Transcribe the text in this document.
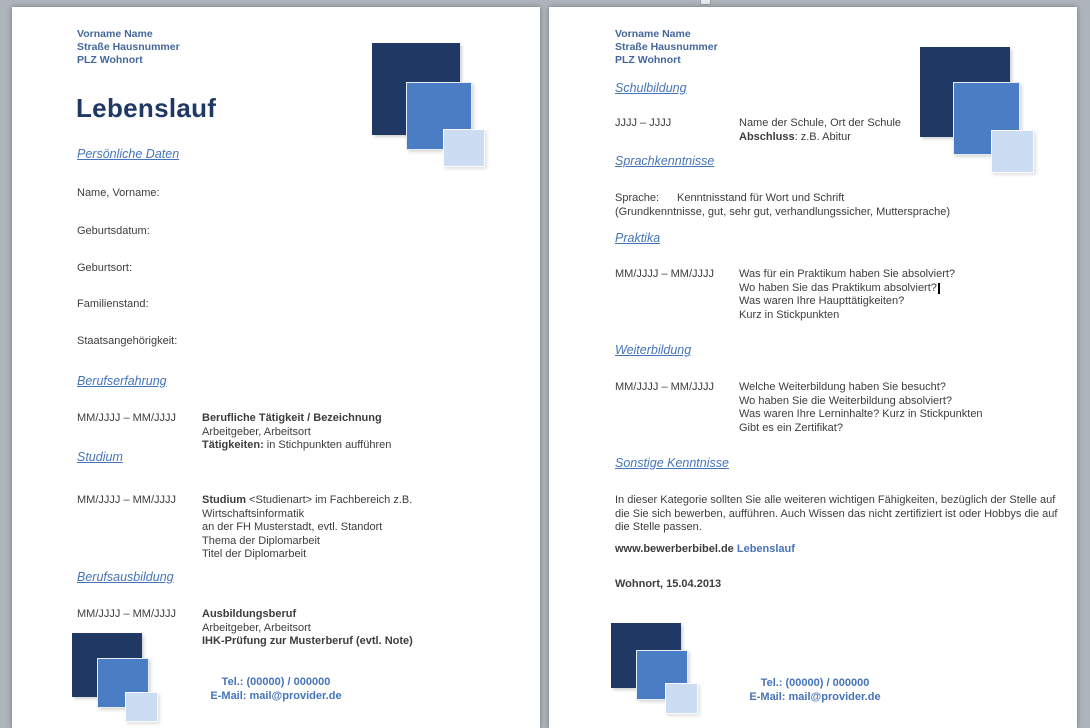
Vorname Name
Straße Hausnummer
PLZ Wohnort
Lebenslauf
Persönliche Daten
Name, Vorname:
Geburtsdatum:
Geburtsort:
Familienstand:
Staatsangehörigkeit:
Berufserfahrung
MM/JJJJ – MM/JJJJ Berufliche Tätigkeit / Bezeichnung
Arbeitgeber, Arbeitsort
Tätigkeiten: in Stichpunkten aufführen
Studium
MM/JJJJ – MM/JJJJ Studium <Studienart> im Fachbereich z.B.
Wirtschaftsinformatik
an der FH Musterstadt, evtl. Standort
Thema der Diplomarbeit
Titel der Diplomarbeit
Berufsausbildung
MM/JJJJ – MM/JJJJ Ausbildungsberuf
Arbeitgeber, Arbeitsort
IHK-Prüfung zur Musterberuf (evtl. Note)
Tel.: (00000) / 000000
E-Mail: mail@provider.de
Vorname Name
Straße Hausnummer
PLZ Wohnort
Schulbildung
JJJJ – JJJJ	Name der Schule, Ort der Schule
Abschluss: z.B. Abitur
Sprachkenntnisse
Sprache: Kenntnisstand für Wort und Schrift
(Grundkenntnisse, gut, sehr gut, verhandlungssicher, Muttersprache)
Praktika
MM/JJJJ – MM/JJJJ Was für ein Praktikum haben Sie absolviert?
Wo haben Sie das Praktikum absolviert?
Was waren Ihre Haupttätigkeiten?
Kurz in Stickpunkten
Weiterbildung
MM/JJJJ – MM/JJJJ Welche Weiterbildung haben Sie besucht?
Wo haben Sie die Weiterbildung absolviert?
Was waren Ihre Lerninhalte? Kurz in Stickpunkten
Gibt es ein Zertifikat?
Sonstige Kenntnisse
In dieser Kategorie sollten Sie alle weiteren wichtigen Fähigkeiten, bezüglich der Stelle auf die Sie sich bewerben, aufführen. Auch Wissen das nicht zertifiziert ist oder Hobbys die auf die Stelle passen.
www.bewerberbibel.de Lebenslauf
Wohnort, 15.04.2013
Tel.: (00000) / 000000
E-Mail: mail@provider.de
